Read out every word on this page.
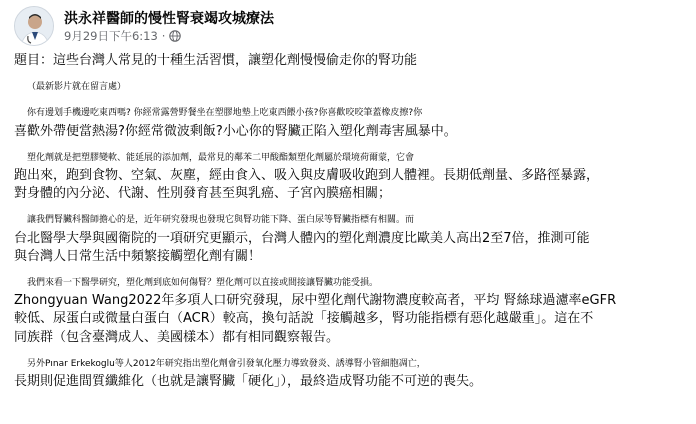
洪永祥醫師的慢性腎衰竭攻城療法
9月29日下午6:13 ·

題目：這些台灣人常見的十種生活習慣，讓塑化劑慢慢偷走你的腎功能

（最新影片就在留言處）

你有邊划手機邊吃東西嗎? 你經常露營野餐坐在塑膠地墊上吃東西餵小孩?你喜歡咬咬筆蓋橡皮擦?你

喜歡外帶便當熱湯?你經常微波剩飯?小心你的腎臟正陷入塑化劑毒害風暴中。

塑化劑就是把塑膠變軟、能延展的添加劑，最常見的鄰苯二甲酸酯類塑化劑屬於環境荷爾蒙，它會

跑出來，跑到食物、空氣、灰塵，經由食入、吸入與皮膚吸收跑到人體裡。長期低劑量、多路徑暴露，

對身體的內分泌、代謝、性別發育甚至與乳癌、子宮內膜癌相關；

讓我們腎臟科醫師擔心的是，近年研究發現也發現它與腎功能下降、蛋白尿等腎臟指標有相關。而

台北醫學大學與國衛院的一項研究更顯示，台灣人體內的塑化劑濃度比歐美人高出2至7倍，推測可能

與台灣人日常生活中頻繁接觸塑化劑有關！

我們來看一下醫學研究，塑化劑到底如何傷腎？塑化劑可以直接或間接讓腎臟功能受損。

Zhongyuan Wang2022年多項人口研究發現，尿中塑化劑代謝物濃度較高者，平均 腎絲球過濾率eGFR

較低、尿蛋白或微量白蛋白（ACR）較高，換句話說「接觸越多，腎功能指標有惡化越嚴重」。這在不

同族群（包含臺灣成人、美國樣本）都有相同觀察報告。

另外Pınar Erkekoglu等人2012年研究指出塑化劑會引發氧化壓力導致發炎、誘導腎小管細胞凋亡，

長期則促進間質纖維化（也就是讓腎臟「硬化」），最終造成腎功能不可逆的喪失。
